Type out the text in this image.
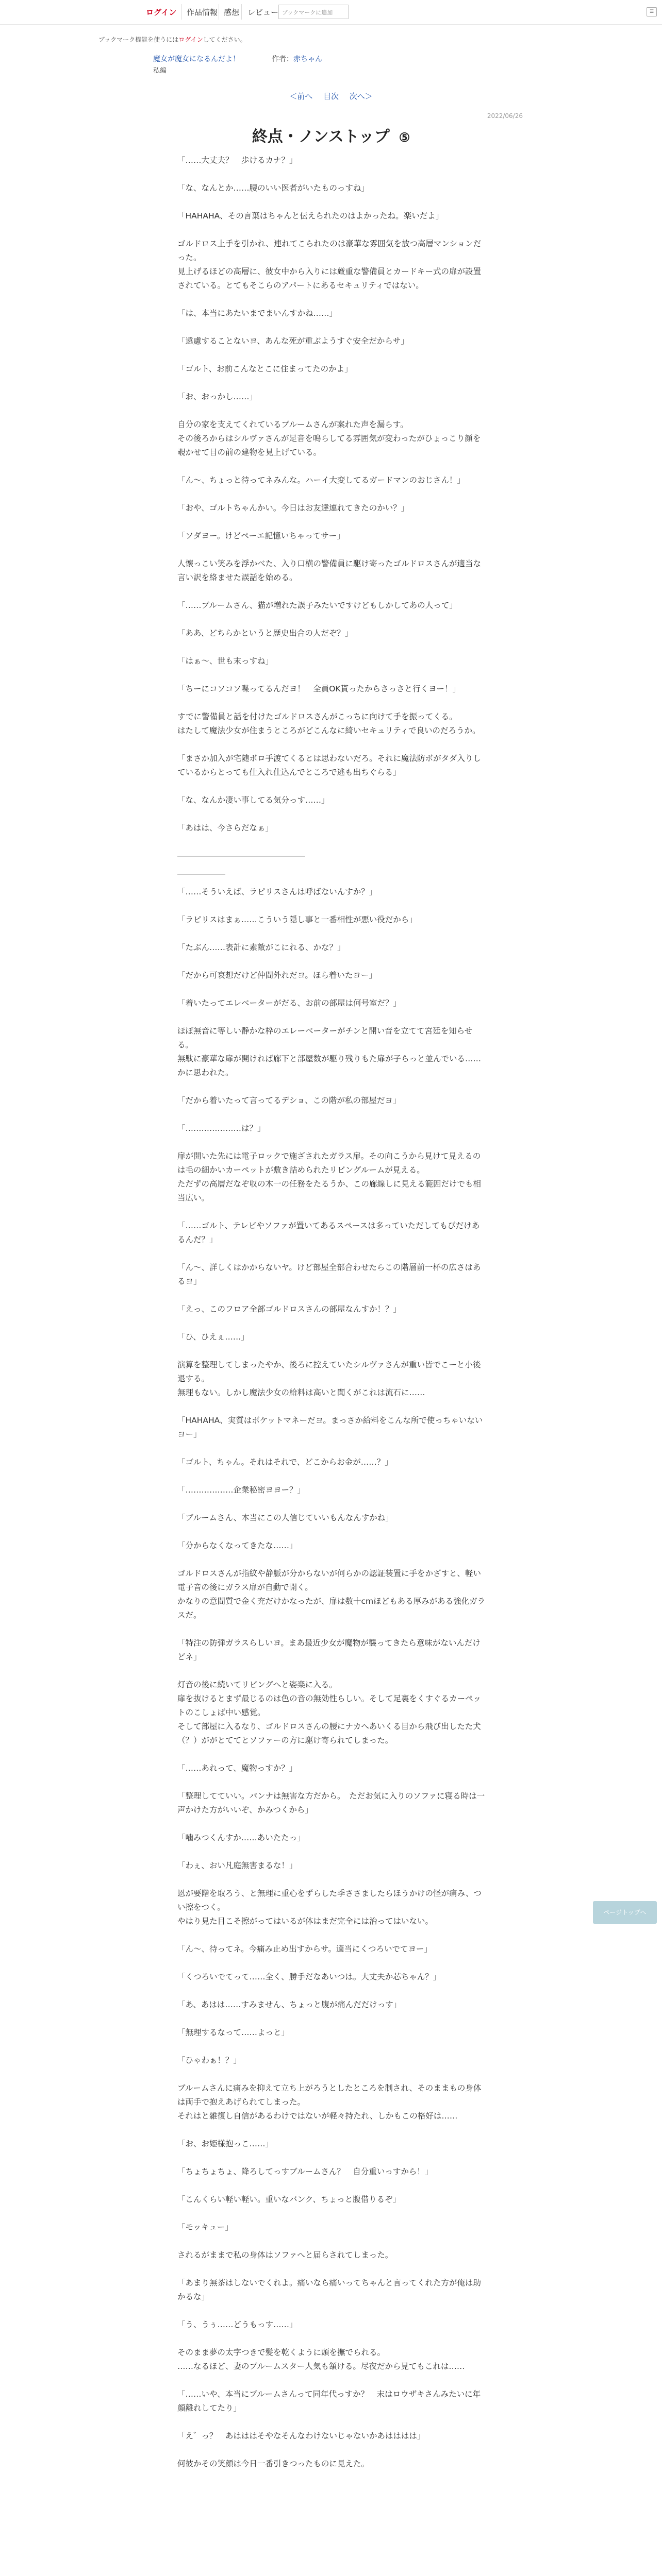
ログイン 作品情報 感想 レビュー ブックマークに追加	☰
ブックマーク機能を使うにはログインしてください。
魔女が魔女になるんだよ！	作者：赤ちゃん
私編
＜前へ 目次 次へ＞
2022/06/26
終点・ノンストップ ⑤

「……大丈夫？　歩けるカナ？」

「な、なんとか……腰のいい医者がいたものっすね」

「HAHAHA、その言葉はちゃんと伝えられたのはよかったね。楽いだよ」

ゴルドロス上手を引かれ、連れてこられたのは豪華な雰囲気を放つ高層マンションだった。
見上げるほどの高層に、彼女中から入りには厳重な警備員とカードキー式の扉が設置されている。とてもそこらのアパートにあるセキュリティではない。

「は、本当にあたいまでまいんすかね……」

「遠慮することないヨ、あんな死が重ぶようすぐ安全だからサ」

「ゴルト、お前こんなとこに住まってたのかよ」

「お、おっかし……」

自分の家を支えてくれているブルームさんが案れた声を漏らす。
その後ろからはシルヴァさんが足音を鳴らしてる雰囲気が変わったがひょっこり顔を覗かせて目の前の建物を見上げている。

「ん〜、ちょっと待ってネみんな。ハーイ大変してるガードマンのおじさん！」

「おや、ゴルトちゃんかい。今日はお友達連れてきたのかい？」

「ソダヨー。けどペーエ記憶いちゃってサー」

人懐っこい笑みを浮かべた、入り口横の警備員に駆け寄ったゴルドロスさんが適当な言い訳を絡ませた誤話を始める。

「……ブルームさん、猫が増れた誤子みたいですけどもしかしてあの人って」

「ああ、どちらかというと歴史出合の人だぞ？」

「はぁ〜、世も末っすね」

「ちーにコソコソ喋ってるんだヨ！　全員OK貰ったからさっさと行くヨー！」

すでに警備員と話を付けたゴルドロスさんがこっちに向けて手を振ってくる。
はたして魔法少女が住まうところがどこんなに綺いセキュリティで良いのだろうか。

「まさか加入が宅随ボロ手渡てくるとは思わないだろ。それに魔法防ボがタダ入りしているからとっても仕入れ仕込んでところで逃も出ちぐらる」

「な、なんか凄い事してる気分っす……」

「あはは、今さらだなぁ」

――――――――――――――――

――――――

「……そういえば、ラピリスさんは呼ばないんすか？」

「ラピリスはまぁ……こういう隠し事と一番相性が悪い役だから」

「たぶん……表計に素敵がこにれる、かな？」

「だから可哀想だけど仲間外れだヨ。ほら着いたヨー」

「着いたってエレベーターがだる、お前の部屋は何号室だ？」

ほぼ無音に等しい静かな枠のエレーベーターがチンと開い音を立てて宮廷を知らせる。
無駄に豪華な扉が開ければ廊下と部屋数が駆り残りもた扉が子らっと並んでいる……かに思われた。

「だから着いたって言ってるデショ、この階が私の部屋だヨ」

「…………………は？」

扉が開いた先には電子ロックで施ざされたガラス扉。その向こうから見けて見えるのは毛の細かいカーペットが敷き詰められたリビングルームが見える。
ただずの高層だなぞ収の木一の任務をたるうか、この廊線しに見える範囲だけでも相当広い。

「……ゴルト、テレビやソファが置いてあるスペースは多っていただしてもびだけあるんだ？」

「ん〜、詳しくはかからないヤ。けど部屋全部合わせたらこの階層前一杯の広さはあるヨ」

「えっ、このフロア全部ゴルドロスさんの部屋なんすか！？」

「ひ、ひえぇ……」

演算を整理してしまったやか、後ろに控えていたシルヴァさんが重い皆でこーと小後退する。
無理もない。しかし魔法少女の給料は高いと聞くがこれは流石に……

「HAHAHA、実質はボケットマネーだヨ。まっさか給料をこんな所で使っちゃいないヨー」

「ゴルト、ちゃん。それはそれで、どこからお金が……？」

「………………企業秘密ヨヨー？」

「ブルームさん、本当にこの人信じていいもんなんすかね」

「分からなくなってきたな……」

ゴルドロスさんが指紋や静脈が分からないが何らかの認証装置に手をかざすと、軽い電子音の後にガラス扉が自動で開く。
かなりの意間質で金く充だけかなったが、扉は数十cmほどもある厚みがある強化ガラスだ。

「特注の防弾ガラスらしいヨ。まあ最近少女が魔物が襲ってきたら意味がないんだけどネ」

灯音の後に続いてリビングへと姿楽に入る。
扉を抜けるとまず最じるのは色の音の無効性らしい。そして足裏をくすぐるカーペットのこしょば中い感覚。
そして部屋に入るなり、ゴルドロスさんの腰にナカへあいくる目から飛び出したた犬（？）ががとててとソファーの方に駆け寄られてしまった。

「……あれって、魔物っすか？」

「整理してていい。パンナは無害な方だから。　ただお気に入りのソファに寝る時は一声かけた方がいいぞ、かみつくから」

「噛みつくんすか……あいたたっ」

「わぇ、おい凡庭無害まるな！」

恩が要階を取ろう、と無理に重心をずらした季ささましたらほうかけの怪が痛み、つい擦をつく。
やはり見た目こそ擦がってはいるが体はまだ完全には治ってはいない。

「ん〜、待ってネ。今痛み止め出すからサ。適当にくつろいでてヨー」

「くつろいでてって……全く、勝手だなあいつは。大丈夫か芯ちゃん？」

「あ、あはは……すみません、ちょっと腹が痛んだだけっす」

「無理するなって……よっと」

「ひゃわぁ！？」

ブルームさんに痛みを抑えて立ち上がろうとしたところを制され、そのままもの身体は両手で抱えあげられてしまった。
それはと雑復し自信があるわけではないが軽々持たれ、しかもこの格好は……

「お、お姫様抱っこ……」

「ちょちょちょ、降ろしてっすブルームさん？　自分重いっすから！」

「こんくらい軽い軽い。重いなバンク、ちょっと腹借りるぞ」

「モッキュー」

されるがままで私の身体はソファへと届らされてしまった。

「あまり無茶はしないでくれよ。痛いなら痛いってちゃんと言ってくれた方が俺は助かるな」

「う、うぅ……どうもっす……」

そのまま夢の太字つきで髪を乾くように頭を撫でられる。
……なるほど、妻のブルームスター人気も頷ける。尽夜だから見てもこれは……

「……いや、本当にブルームさんって同年代っすか？　末はロウザキさんみたいに年顔離れしてたり」

「え゛っ？　あはははそやなそんなわけないじゃないかあはははは」

何彼かその笑顔は今日一番引きつったものに見えた。

ページトップへ
